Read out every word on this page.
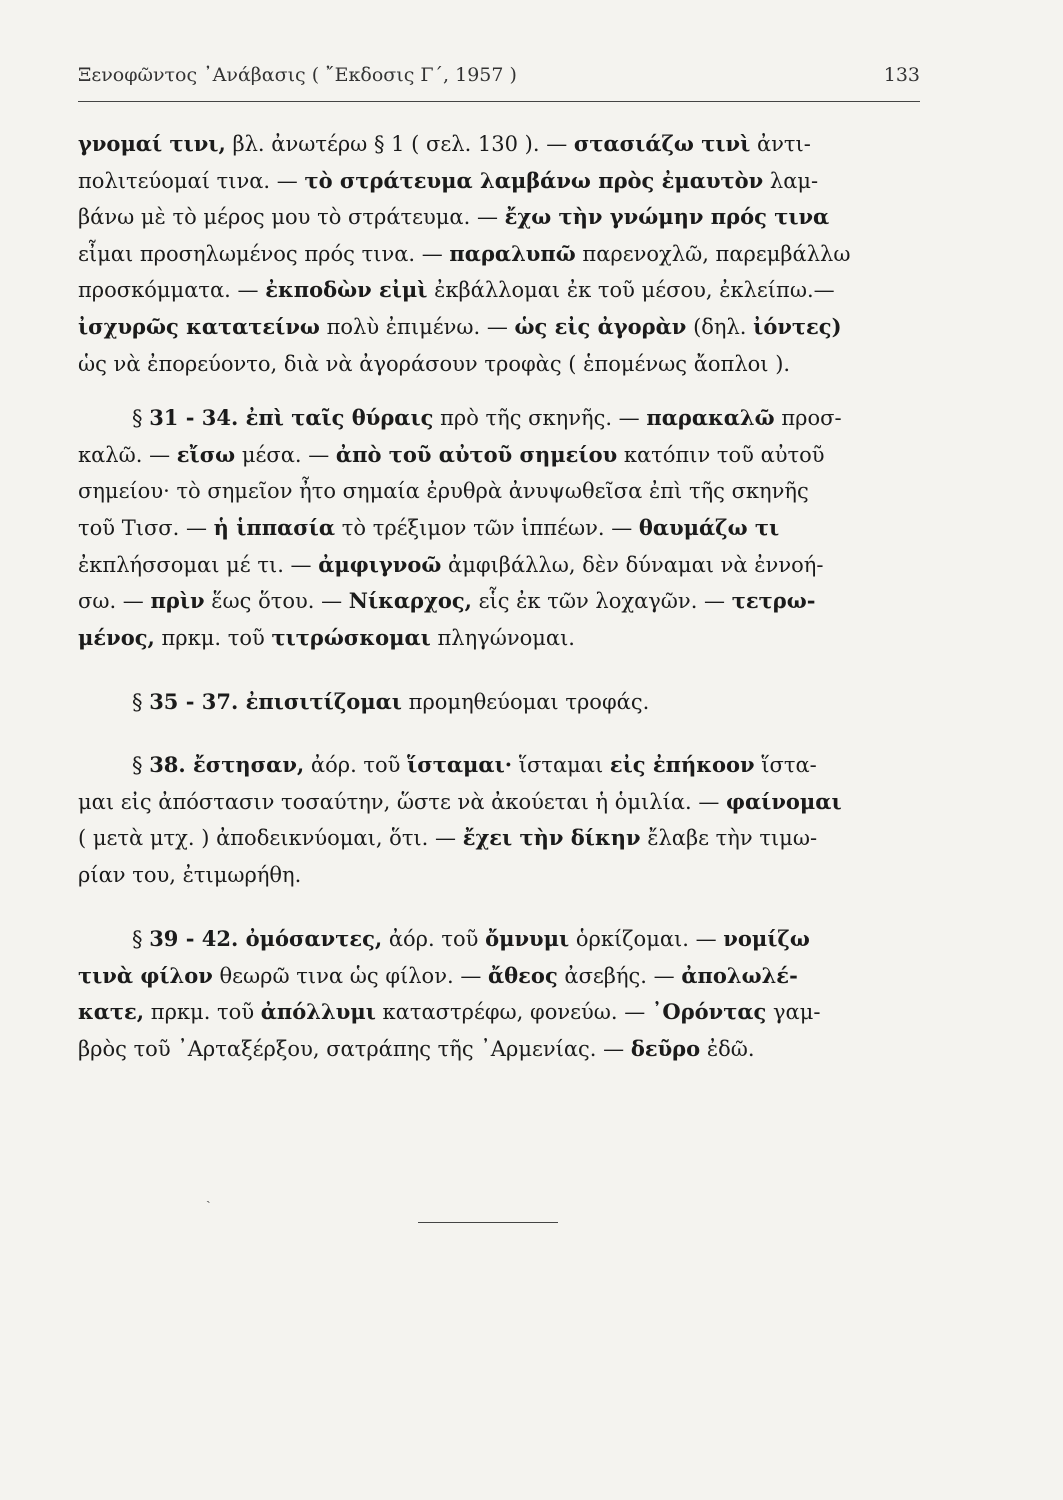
Ξενοφῶντος ᾿Ανάβασις ( ῎Εκδοσις Γ΄, 1957 )	133
γνομαί τινι, βλ. ἀνωτέρω § 1 ( σελ. 130 ). — στασιάζω τινὶ ἀντι-
πολιτεύομαί τινα. — τὸ στράτευμα λαμβάνω πρὸς ἐμαυτὸν λαμ-
βάνω μὲ τὸ μέρος μου τὸ στράτευμα. — ἔχω τὴν γνώμην πρός τινα
εἶμαι προσηλωμένος πρός τινα. — παραλυπῶ παρενοχλῶ, παρεμβάλλω
προσκόμματα. — ἐκποδὼν εἰμὶ ἐκβάλλομαι ἐκ τοῦ μέσου, ἐκλείπω.—
ἰσχυρῶς κατατείνω πολὺ ἐπιμένω. — ὡς εἰς ἀγορὰν (δηλ. ἰόντες)
ὡς νὰ ἐπορεύοντο, διὰ νὰ ἀγοράσουν τροφὰς ( ἑπομένως ἄοπλοι ).
§ 31 - 34. ἐπὶ ταῖς θύραις πρὸ τῆς σκηνῆς. — παρακαλῶ προσ-
καλῶ. — εἴσω μέσα. — ἀπὸ τοῦ αὐτοῦ σημείου κατόπιν τοῦ αὐτοῦ
σημείου· τὸ σημεῖον ἦτο σημαία ἐρυθρὰ ἀνυψωθεῖσα ἐπὶ τῆς σκηνῆς
τοῦ Τισσ. — ἡ ἱππασία τὸ τρέξιμον τῶν ἱππέων. — θαυμάζω τι
ἐκπλήσσομαι μέ τι. — ἀμφιγνοῶ ἀμφιβάλλω, δὲν δύναμαι νὰ ἐννοή-
σω. — πρὶν ἕως ὅτου. — Νίκαρχος, εἷς ἐκ τῶν λοχαγῶν. — τετρω-
μένος, πρκμ. τοῦ τιτρώσκομαι πληγώνομαι.
§ 35 - 37. ἐπισιτίζομαι προμηθεύομαι τροφάς.
§ 38. ἔστησαν, ἀόρ. τοῦ ἵσταμαι· ἵσταμαι εἰς ἐπήκοον ἵστα-
μαι εἰς ἀπόστασιν τοσαύτην, ὥστε νὰ ἀκούεται ἡ ὁμιλία. — φαίνομαι
( μετὰ μτχ. ) ἀποδεικνύομαι, ὅτι. — ἔχει τὴν δίκην ἔλαβε τὴν τιμω-
ρίαν του, ἐτιμωρήθη.
§ 39 - 42. ὀμόσαντες, ἀόρ. τοῦ ὄμνυμι ὁρκίζομαι. — νομίζω
τινὰ φίλον θεωρῶ τινα ὡς φίλον. — ἄθεος ἀσεβής. — ἀπολωλέ-
κατε, πρκμ. τοῦ ἀπόλλυμι καταστρέφω, φονεύω. — ᾿Ορόντας γαμ-
βρὸς τοῦ ᾿Αρταξέρξου, σατράπης τῆς ᾿Αρμενίας. — δεῦρο ἐδῶ.
ˎ
